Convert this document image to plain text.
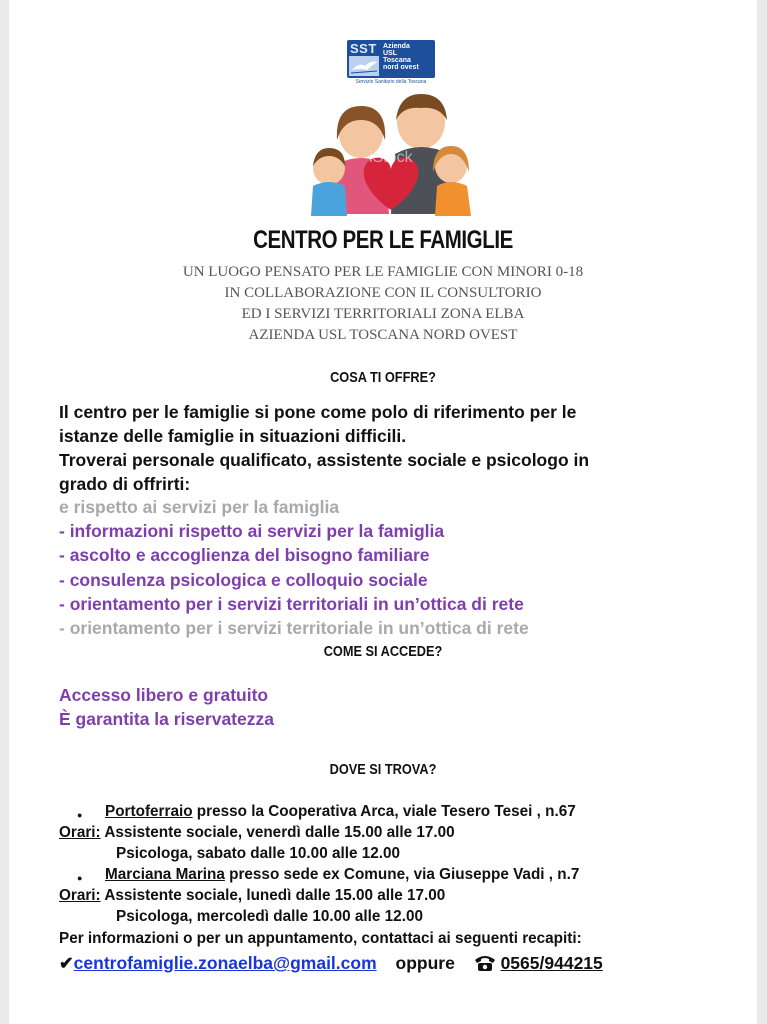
SST Azienda
USL
Toscana
nord ovest
Servizio Sanitario della Toscana
iStock
CENTRO PER LE FAMIGLIE
UN LUOGO PENSATO PER LE FAMIGLIE CON MINORI 0-18
IN COLLABORAZIONE CON IL CONSULTORIO
ED I SERVIZI TERRITORIALI ZONA ELBA
AZIENDA USL TOSCANA NORD OVEST
COSA TI OFFRE?
Il centro per le famiglie si pone come polo di riferimento per le
istanze delle famiglie in situazioni difficili.
Troverai personale qualificato, assistente sociale e psicologo in
grado di offrirti:
e rispetto ai servizi per la famiglia
- informazioni rispetto ai servizi per la famiglia
- ascolto e accoglienza del bisogno familiare
- consulenza psicologica e colloquio sociale
- orientamento per i servizi territoriali in un’ottica di rete
- orientamento per i servizi territoriale in un’ottica di rete
COME SI ACCEDE?
Accesso libero e gratuito
È garantita la riservatezza
DOVE SI TROVA?
● Portoferraio presso la Cooperativa Arca, viale Tesero Tesei , n.67
Orari: Assistente sociale, venerdì dalle 15.00 alle 17.00
Psicologa, sabato dalle 10.00 alle 12.00
● Marciana Marina presso sede ex Comune, via Giuseppe Vadi , n.7
Orari: Assistente sociale, lunedì dalle 15.00 alle 17.00
Psicologa, mercoledì dalle 10.00 alle 12.00
Per informazioni o per un appuntamento, contattaci ai seguenti recapiti:
✔centrofamiglie.zonaelba@gmail.com oppure	0565/944215
